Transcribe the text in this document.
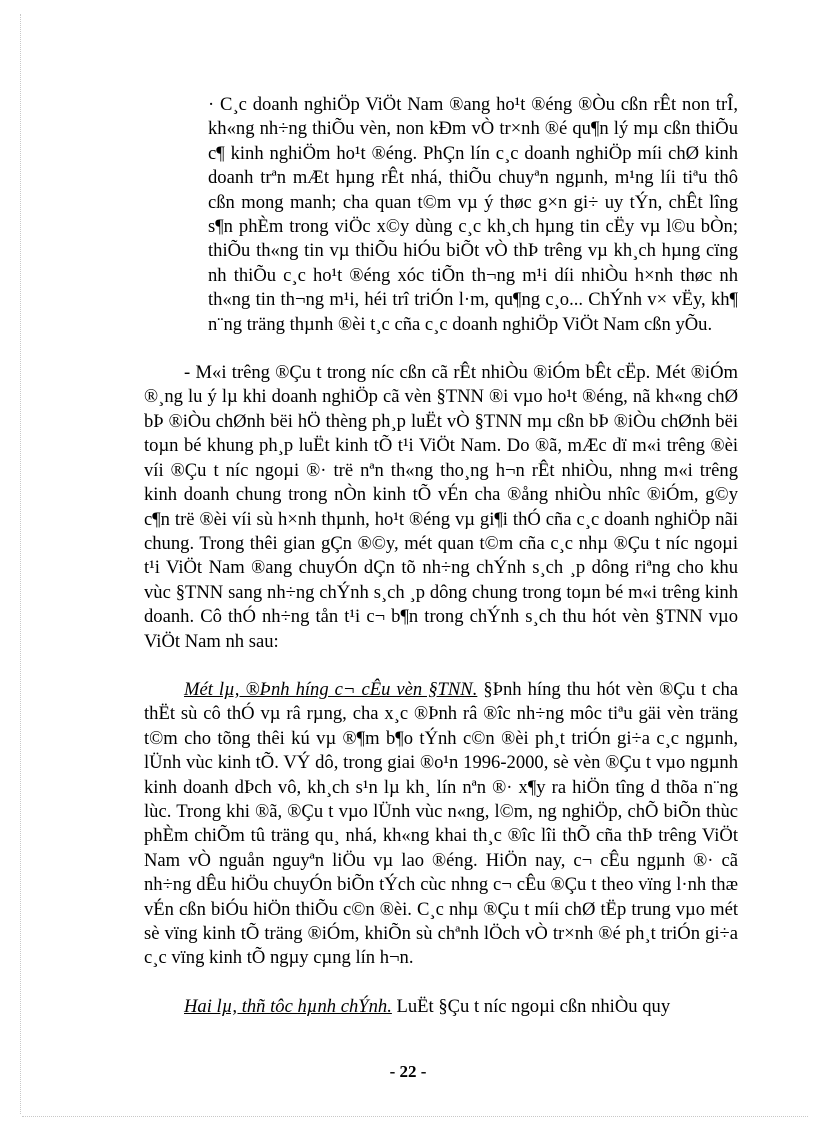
· C¸c doanh nghiÖp ViÖt Nam ®ang ho¹t ®éng ®Òu cßn rÊt non trÎ, kh«ng nh÷ng thiÕu vèn, non kÐm vÒ tr×nh ®é qu¶n lý mµ cßn thiÕu c¶ kinh nghiÖm ho¹t ®éng. PhÇn lín c¸c doanh nghiÖp míi chØ kinh doanh trªn mÆt hµng rÊt nhá, thiÕu chuyªn ngµnh, m¹ng líi tiªu thô cßn mong manh; cha quan t©m vµ ý thøc g×n gi÷ uy tÝn, chÊt lîng s¶n phÈm trong viÖc x©y dùng c¸c kh¸ch hµng tin cËy vµ l©u bÒn; thiÕu th«ng tin vµ thiÕu hiÓu biÕt vÒ thÞ trêng vµ kh¸ch hµng cïng nh thiÕu c¸c ho¹t ®éng xóc tiÕn th¬ng m¹i díi nhiÒu h×nh thøc nh th«ng tin th¬ng m¹i, héi trî triÓn l·m, qu¶ng c¸o... ChÝnh v× vËy, kh¶ n¨ng träng thµnh ®èi t¸c cña c¸c doanh nghiÖp ViÖt Nam cßn yÕu.

- M«i trêng ®Çu t trong níc cßn cã rÊt nhiÒu ®iÓm bÊt cËp. Mét ®iÓm ®¸ng lu ý lµ khi doanh nghiÖp cã vèn §TNN ®i vµo ho¹t ®éng, nã kh«ng chØ bÞ ®iÒu chØnh bëi hÖ thèng ph¸p luËt vÒ §TNN mµ cßn bÞ ®iÒu chØnh bëi toµn bé khung ph¸p luËt kinh tÕ t¹i ViÖt Nam. Do ®ã, mÆc dï m«i trêng ®èi víi ®Çu t níc ngoµi ®· trë nªn th«ng tho¸ng h¬n rÊt nhiÒu, nhng m«i trêng kinh doanh chung trong nÒn kinh tÕ vÉn cha ®ång nhiÒu nhîc ®iÓm, g©y c¶n trë ®èi víi sù h×nh thµnh, ho¹t ®éng vµ gi¶i thÓ cña c¸c doanh nghiÖp nãi chung. Trong thêi gian gÇn ®©y, mét quan t©m cña c¸c nhµ ®Çu t níc ngoµi t¹i ViÖt Nam ®ang chuyÓn dÇn tõ nh÷ng chÝnh s¸ch ¸p dông riªng cho khu vùc §TNN sang nh÷ng chÝnh s¸ch ¸p dông chung trong toµn bé m«i trêng kinh doanh. Cô thÓ nh÷ng tån t¹i c¬ b¶n trong chÝnh s¸ch thu hót vèn §TNN vµo ViÖt Nam nh sau:

Mét lµ, ®Þnh híng c¬ cÊu vèn §TNN. §Þnh híng thu hót vèn ®Çu t cha thËt sù cô thÓ vµ râ rµng, cha x¸c ®Þnh râ ®îc nh÷ng môc tiªu gäi vèn träng t©m cho tõng thêi kú vµ ®¶m b¶o tÝnh c©n ®èi ph¸t triÓn gi÷a c¸c ngµnh, lÜnh vùc kinh tÕ. VÝ dô, trong giai ®o¹n 1996-2000, sè vèn ®Çu t vµo ngµnh kinh doanh dÞch vô, kh¸ch s¹n lµ kh¸ lín nªn ®· x¶y ra hiÖn tîng d thõa n¨ng lùc. Trong khi ®ã, ®Çu t vµo lÜnh vùc n«ng, l©m, ng nghiÖp, chÕ biÕn thùc phÈm chiÕm tû träng qu¸ nhá, kh«ng khai th¸c ®îc lîi thÕ cña thÞ trêng ViÖt Nam vÒ nguån nguyªn liÖu vµ lao ®éng. HiÖn nay, c¬ cÊu ngµnh ®· cã nh÷ng dÊu hiÖu chuyÓn biÕn tÝch cùc nhng c¬ cÊu ®Çu t theo vïng l·nh thæ vÉn cßn biÓu hiÖn thiÕu c©n ®èi. C¸c nhµ ®Çu t míi chØ tËp trung vµo mét sè vïng kinh tÕ träng ®iÓm, khiÕn sù chªnh lÖch vÒ tr×nh ®é ph¸t triÓn gi÷a c¸c vïng kinh tÕ ngµy cµng lín h¬n.

Hai lµ, thñ tôc hµnh chÝnh. LuËt §Çu t níc ngoµi cßn nhiÒu quy

- 22 -
